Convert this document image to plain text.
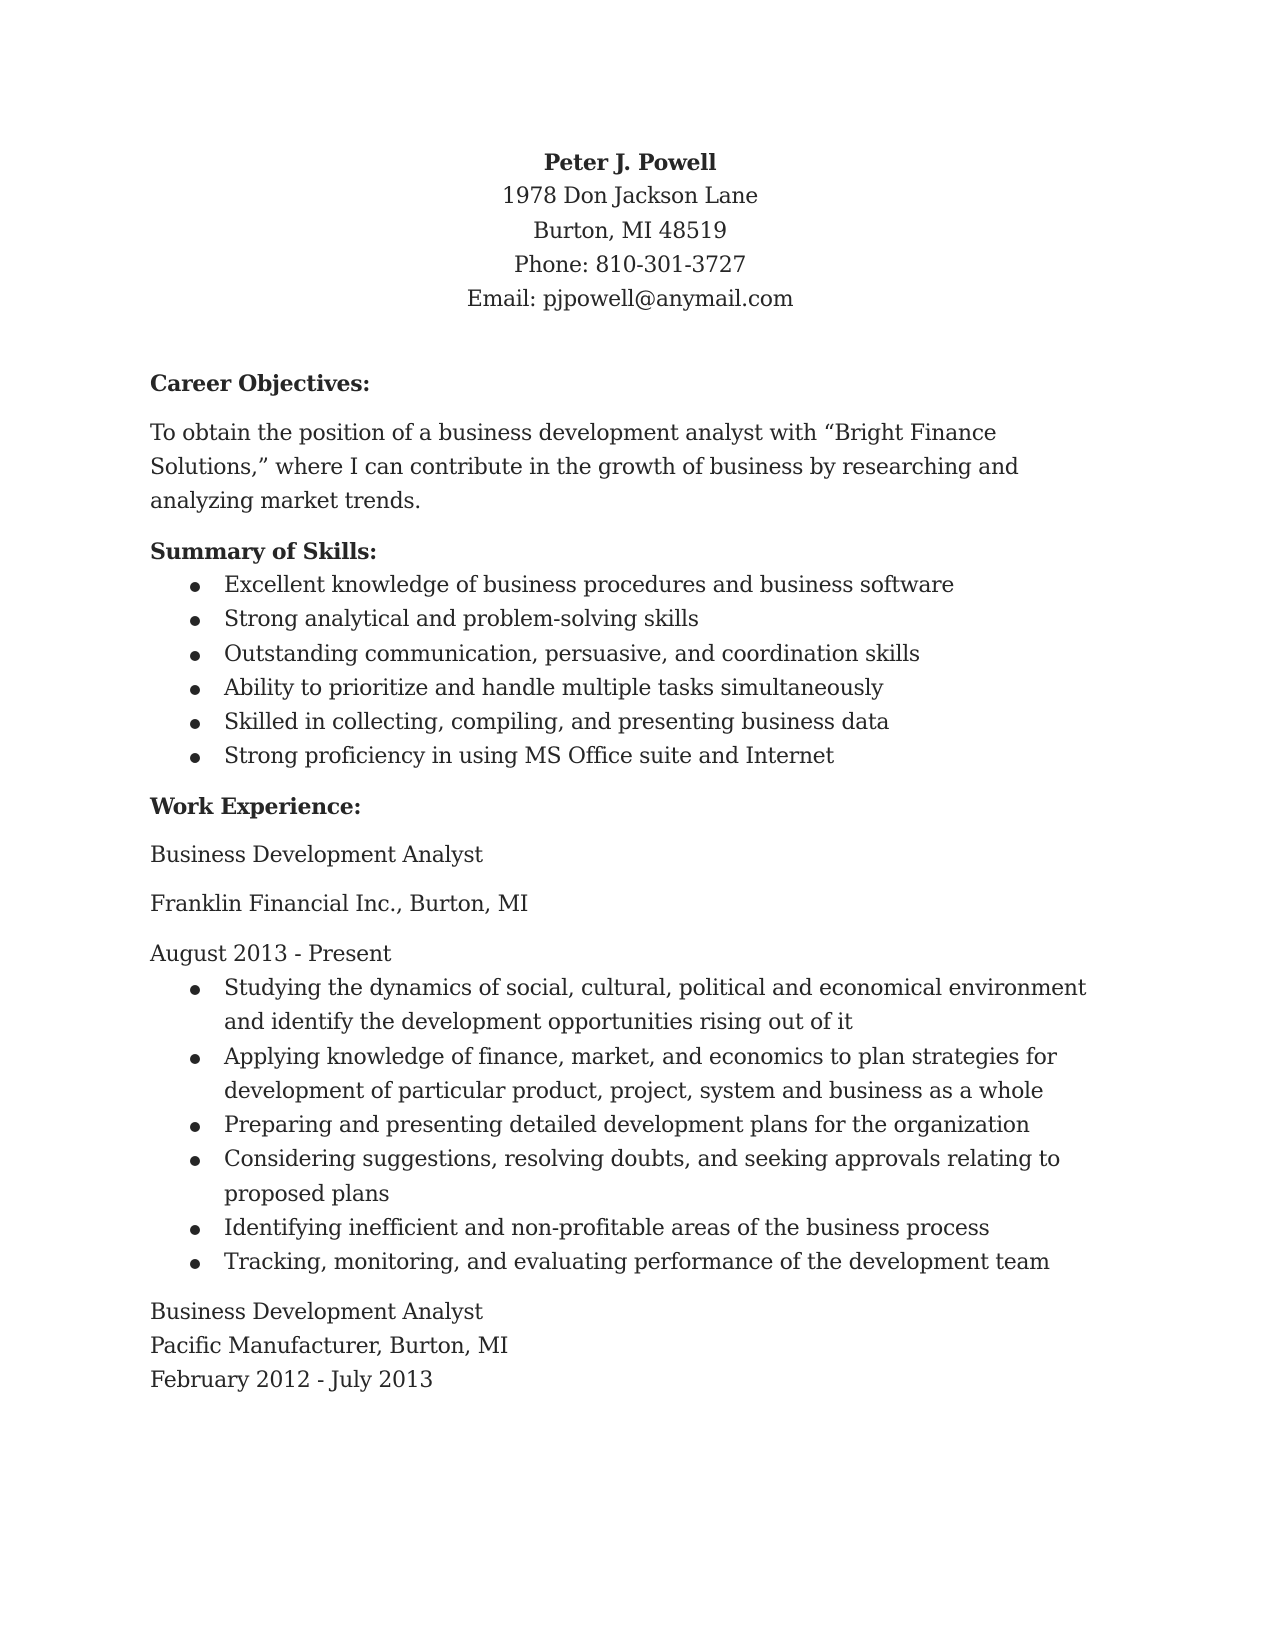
Peter J. Powell
1978 Don Jackson Lane
Burton, MI 48519
Phone: 810-301-3727
Email: pjpowell@anymail.com
Career Objectives:
To obtain the position of a business development analyst with “Bright Finance Solutions,” where I can contribute in the growth of business by researching and analyzing market trends.
Summary of Skills:
Excellent knowledge of business procedures and business software
Strong analytical and problem-solving skills
Outstanding communication, persuasive, and coordination skills
Ability to prioritize and handle multiple tasks simultaneously
Skilled in collecting, compiling, and presenting business data
Strong proficiency in using MS Office suite and Internet
Work Experience:
Business Development Analyst
Franklin Financial Inc., Burton, MI
August 2013 - Present
Studying the dynamics of social, cultural, political and economical environment and identify the development opportunities rising out of it
Applying knowledge of finance, market, and economics to plan strategies for development of particular product, project, system and business as a whole
Preparing and presenting detailed development plans for the organization
Considering suggestions, resolving doubts, and seeking approvals relating to proposed plans
Identifying inefficient and non-profitable areas of the business process
Tracking, monitoring, and evaluating performance of the development team
Business Development Analyst
Pacific Manufacturer, Burton, MI
February 2012 - July 2013
